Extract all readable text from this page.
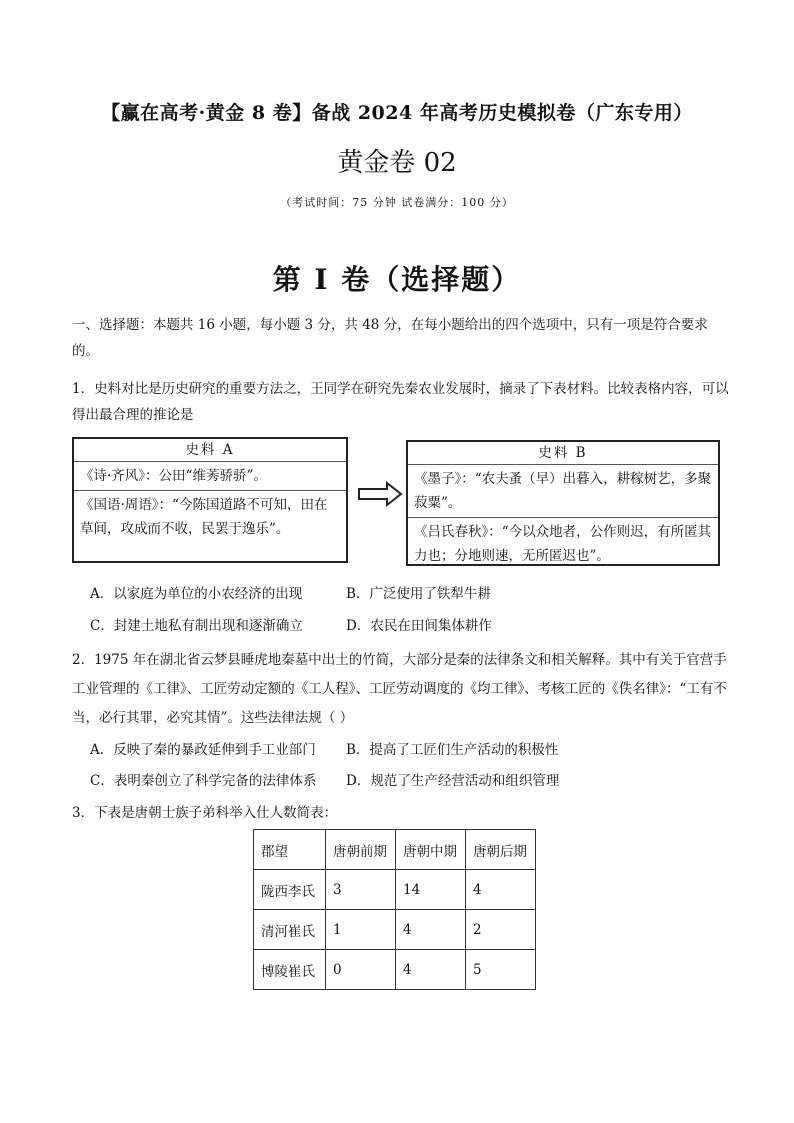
【赢在高考·黄金 8 卷】备战 2024 年高考历史模拟卷（广东专用）
黄金卷 02
（考试时间：75 分钟 试卷满分：100 分）
第 I 卷（选择题）
一、选择题：本题共 16 小题，每小题 3 分，共 48 分，在每小题给出的四个选项中，只有一项是符合要求的。
1．史料对比是历史研究的重要方法之，王同学在研究先秦农业发展时，摘录了下表材料。比较表格内容，可以得出最合理的推论是
史料 A
《诗·齐风》：公田“维莠骄骄”。
《国语·周语》：“今陈国道路不可知，田在草间，攻成而不收，民罢于逸乐”。
史料 B
《墨子》：“农夫蚤（早）出暮入，耕稼树艺，多聚菽粟”。
《吕氏春秋》：“今以众地者，公作则迟，有所匿其力也；分地则速，无所匿迟也”。
A．以家庭为单位的小农经济的出现	B．广泛使用了铁犁牛耕
C．封建土地私有制出现和逐渐确立	D．农民在田间集体耕作
2．1975 年在湖北省云梦县睡虎地秦墓中出土的竹简，大部分是秦的法律条文和相关解释。其中有关于官营手工业管理的《工律》、工匠劳动定额的《工人程》、工匠劳动调度的《均工律》、考核工匠的《佚名律》：“工有不当，必行其罪，必究其情”。这些法律法规（ ）
A．反映了秦的暴政延伸到手工业部门 B．提高了工匠们生产活动的积极性
C．表明秦创立了科学完备的法律体系 D．规范了生产经营活动和组织管理
3．下表是唐朝士族子弟科举入仕人数简表：
郡望	唐朝前期	唐朝中期	唐朝后期
陇西李氏	3	14	4
清河崔氏	1	4	2
博陵崔氏	0	4	5
